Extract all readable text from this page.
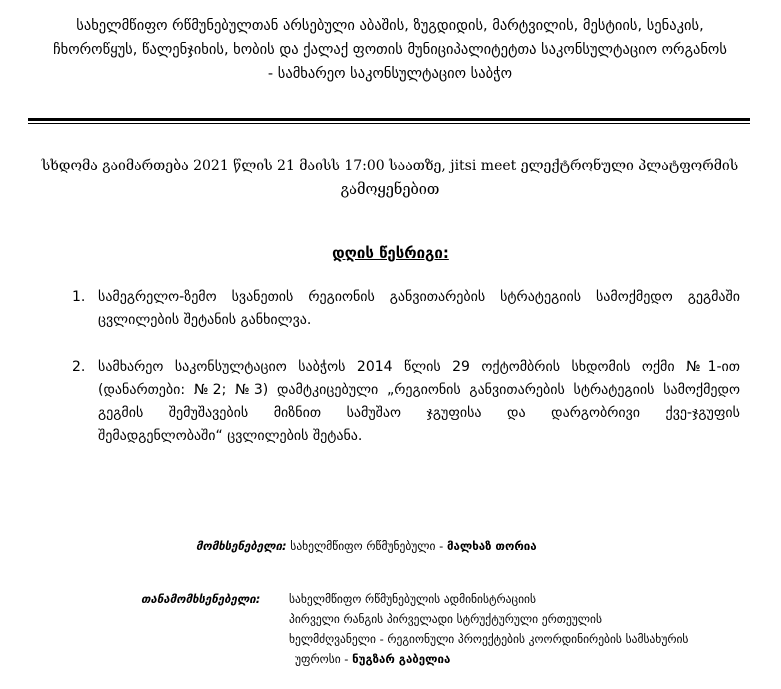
სახელმწიფო რწმუნებულთან არსებული აბაშის, ზუგდიდის, მარტვილის, მესტიის, სენაკის,
ჩხოროწყუს, წალენჯიხის, ხობის და ქალაქ ფოთის მუნიციპალიტეტთა საკონსულტაციო ორგანოს
- სამხარეო საკონსულტაციო საბჭო
სხდომა გაიმართება 2021 წლის 21 მაისს 17:00 საათზე, jitsi meet ელექტრონული პლატფორმის
გამოყენებით
დღის წესრიგი:
1. სამეგრელო-ზემო სვანეთის რეგიონის განვითარების სტრატეგიის სამოქმედო გეგმაში
ცვლილების შეტანის განხილვა.
2. სამხარეო საკონსულტაციო საბჭოს 2014 წლის 29 ოქტომბრის სხდომის ოქმი №1-ით
(დანართები: №2; №3) დამტკიცებული „რეგიონის განვითარების სტრატეგიის სამოქმედო
გეგმის შემუშავების მიზნით სამუშაო ჯგუფისა და დარგობრივი ქვე-ჯგუფის
შემადგენლობაში“ ცვლილების შეტანა.
მომხსენებელი: სახელმწიფო რწმუნებული - მალხაზ თორია
თანამომხსენებელი: სახელმწიფო რწმუნებულის ადმინისტრაციის
პირველი რანგის პირველადი სტრუქტურული ერთეულის
ხელმძღვანელი - რეგიონული პროექტების კოორდინირების სამსახურის
უფროსი - ნუგზარ გაბელია
